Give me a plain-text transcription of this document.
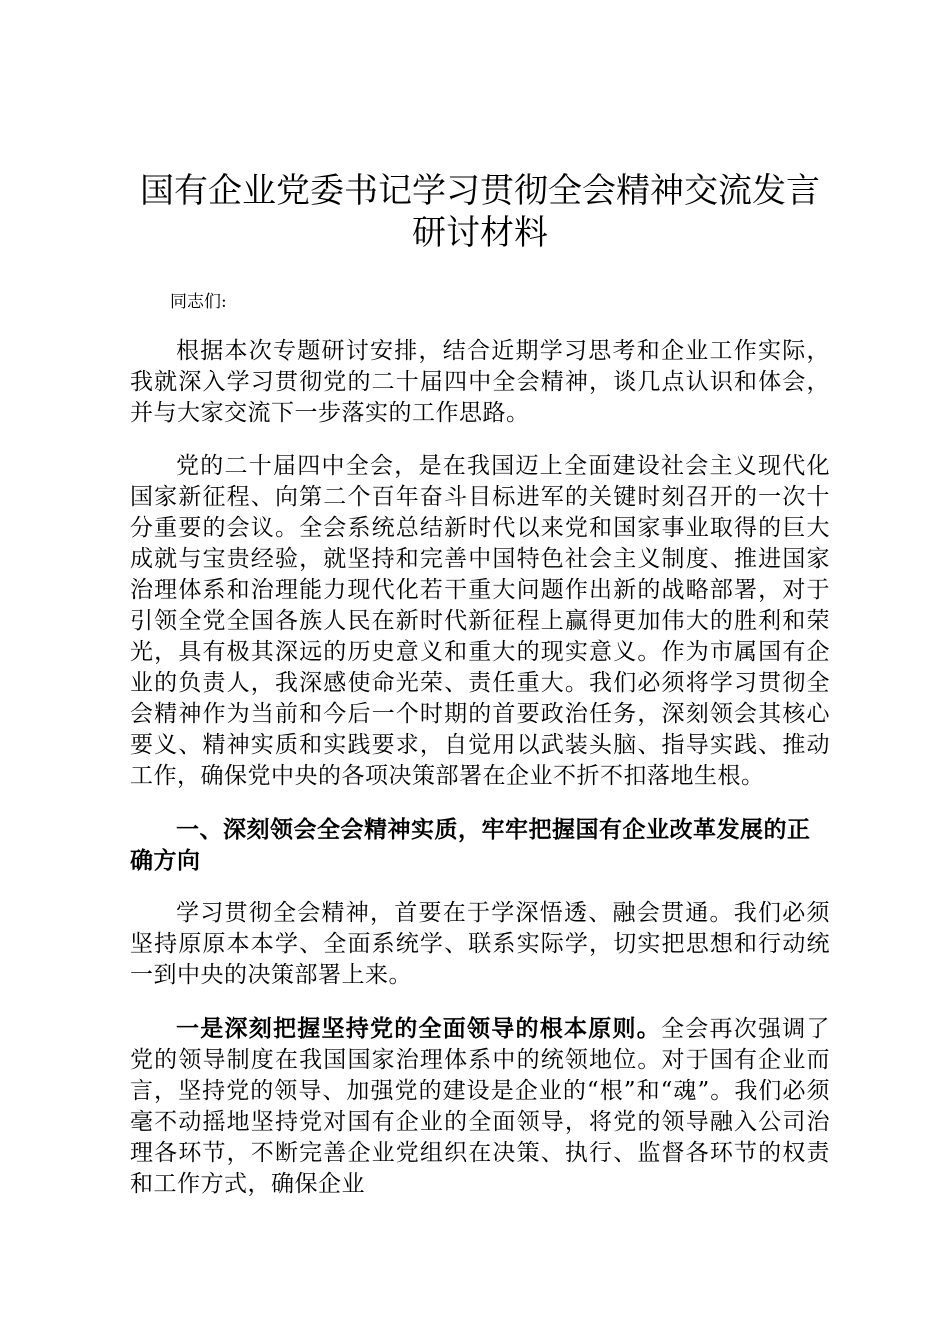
国有企业党委书记学习贯彻全会精神交流发言
研讨材料

同志们:

根据本次专题研讨安排，结合近期学习思考和企业工作实际，我就深入学习贯彻党的二十届四中全会精神，谈几点认识和体会，并与大家交流下一步落实的工作思路。

党的二十届四中全会，是在我国迈上全面建设社会主义现代化国家新征程、向第二个百年奋斗目标进军的关键时刻召开的一次十分重要的会议。全会系统总结新时代以来党和国家事业取得的巨大成就与宝贵经验，就坚持和完善中国特色社会主义制度、推进国家治理体系和治理能力现代化若干重大问题作出新的战略部署，对于引领全党全国各族人民在新时代新征程上赢得更加伟大的胜利和荣光，具有极其深远的历史意义和重大的现实意义。作为市属国有企业的负责人，我深感使命光荣、责任重大。我们必须将学习贯彻全会精神作为当前和今后一个时期的首要政治任务，深刻领会其核心要义、精神实质和实践要求，自觉用以武装头脑、指导实践、推动工作，确保党中央的各项决策部署在企业不折不扣落地生根。

一、深刻领会全会精神实质，牢牢把握国有企业改革发展的正确方向

学习贯彻全会精神，首要在于学深悟透、融会贯通。我们必须坚持原原本本学、全面系统学、联系实际学，切实把思想和行动统一到中央的决策部署上来。

一是深刻把握坚持党的全面领导的根本原则。全会再次强调了党的领导制度在我国国家治理体系中的统领地位。对于国有企业而言，坚持党的领导、加强党的建设是企业的“根”和“魂”。我们必须毫不动摇地坚持党对国有企业的全面领导，将党的领导融入公司治理各环节，不断完善企业党组织在决策、执行、监督各环节的权责和工作方式，确保企业
